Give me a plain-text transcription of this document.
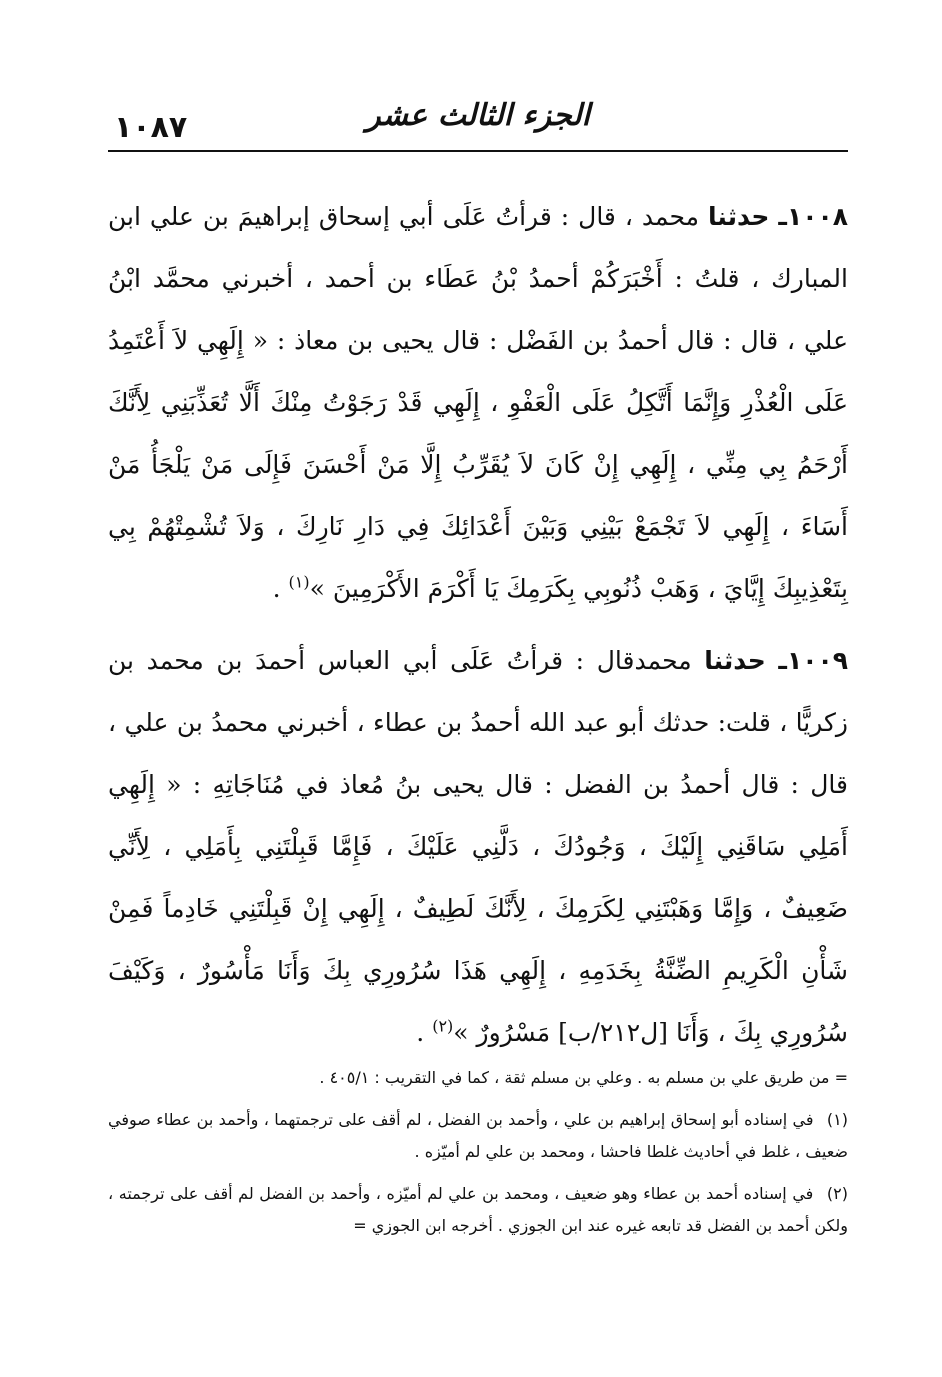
١٠٨٧	الجزء الثالث عشر

١٠٠٨ـ حدثنا محمد ، قال : قرأتُ عَلَى أبي إسحاق إبراهيمَ بن علي ابن المبارك ، قلتُ : أَخْبَرَكُمْ أحمدُ بْنُ عَطَاء بن أحمد ، أخبرني محمَّد ابْنُ علي ، قال : قال أحمدُ بن الفَضْل : قال يحيى بن معاذ : « إِلَهِي لاَ أَعْتَمِدُ عَلَى الْعُذْرِ وَإِنَّمَا أَتَّكِلُ عَلَى الْعَفْوِ ، إِلَهِي قَدْ رَجَوْتُ مِنْكَ أَلَّا تُعَذِّبَنِي لِأَنَّكَ أَرْحَمُ بِي مِنِّي ، إِلَهِي إِنْ كَانَ لاَ يُقَرِّبُ إِلَّا مَنْ أَحْسَنَ فَإِلَى مَنْ يَلْجَأُ مَنْ أَسَاءَ ، إِلَهِي لاَ تَجْمَعْ بَيْنِي وَبَيْنَ أَعْدَائِكَ فِي دَارِ نَارِكَ ، وَلاَ تُشْمِتْهُمْ بِي بِتَعْذِيبِكَ إِيَّايَ ، وَهَبْ ذُنُوبِي بِكَرَمِكَ يَا أَكْرَمَ الأَكْرَمِينَ »$^{(١)}$ .

١٠٠٩ـ حدثنا محمدقال : قرأتُ عَلَى أبي العباس أحمدَ بن محمد بن زكريًّا ، قلت: حدثك أبو عبد الله أحمدُ بن عطاء ، أخبرني محمدُ بن علي ، قال : قال أحمدُ بن الفضل : قال يحيى بنُ مُعاذ في مُنَاجَاتِهِ : « إِلَهِي أَمَلِي سَاقَنِي إِلَيْكَ ، وَجُودُكَ ، دَلَّنِي عَلَيْكَ ، فَإِمَّا قَبِلْتَنِي بِأَمَلِي ، لِأَنِّي ضَعِيفٌ ، وَإِمَّا وَهَبْتَنِي لِكَرَمِكَ ، لِأَنَّكَ لَطِيفٌ ، إِلَهِي إِنْ قَبِلْتَنِي خَادِماً فَمِنْ شَأْنِ الْكَرِيمِ الضِّنَّةُ بِخَدَمِهِ ، إِلَهِي هَذَا سُرُورِي بِكَ وَأَنَا مَأْسُورٌ ، وَكَيْفَ سُرُورِي بِكَ ، وَأَنَا [ل٢١٢/ب] مَسْرُورٌ »$^{(٢)}$ .

= من طريق علي بن مسلم به . وعلي بن مسلم ثقة ، كما في التقريب : ٤٠٥/١ .

(١) في إسناده أبو إسحاق إبراهيم بن علي ، وأحمد بن الفضل ، لم أقف على ترجمتهما ، وأحمد بن عطاء صوفي ضعيف ، غلط في أحاديث غلطا فاحشا ، ومحمد بن علي لم أميّزه .

(٢) في إسناده أحمد بن عطاء وهو ضعيف ، ومحمد بن علي لم أميّزه ، وأحمد بن الفضل لم أقف على ترجمته ، ولكن أحمد بن الفضل قد تابعه غيره عند ابن الجوزي . أخرجه ابن الجوزي =
